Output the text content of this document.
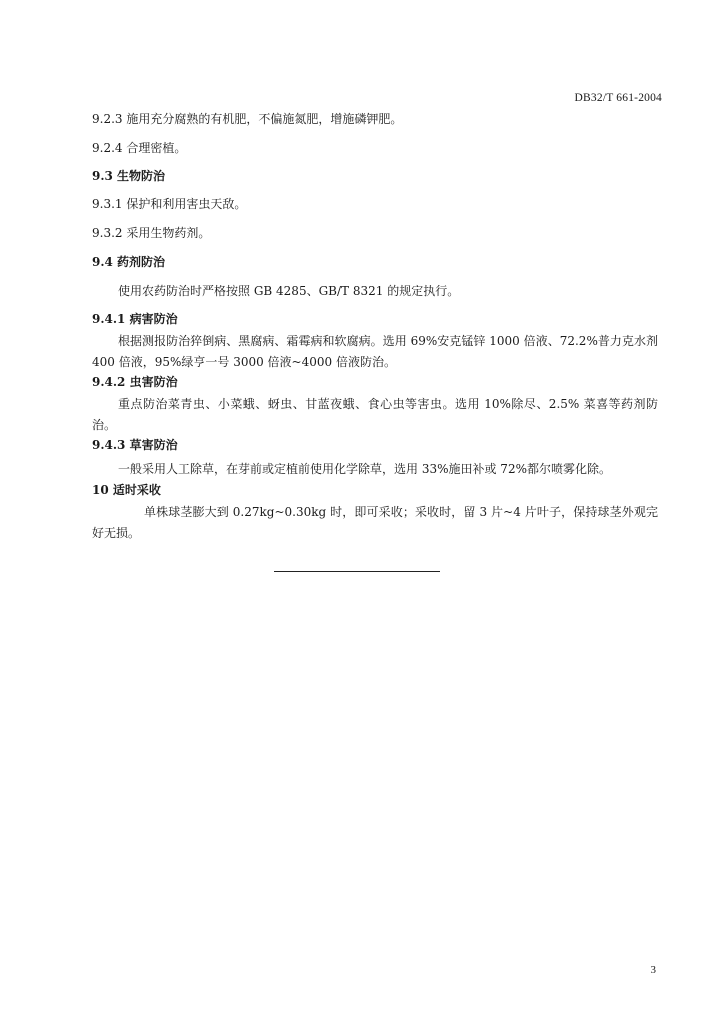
DB32/T 661-2004
9.2.3 施用充分腐熟的有机肥，不偏施氮肥，增施磷钾肥。
9.2.4 合理密植。
9.3 生物防治
9.3.1 保护和利用害虫天敌。
9.3.2 采用生物药剂。
9.4 药剂防治
使用农药防治时严格按照 GB 4285、GB/T 8321 的规定执行。
9.4.1 病害防治
根据测报防治猝倒病、黑腐病、霜霉病和软腐病。选用 69%安克锰锌 1000 倍液、72.2%普力克水剂 400 倍液，95%绿亨一号 3000 倍液~4000 倍液防治。
9.4.2 虫害防治
重点防治菜青虫、小菜蛾、蚜虫、甘蓝夜蛾、食心虫等害虫。选用 10%除尽、2.5% 菜喜等药剂防治。
9.4.3 草害防治
一般采用人工除草，在芽前或定植前使用化学除草，选用 33%施田补或 72%都尔喷雾化除。
10 适时采收
单株球茎膨大到 0.27kg~0.30kg 时，即可采收；采收时，留 3 片~4 片叶子，保持球茎外观完好无损。
3
